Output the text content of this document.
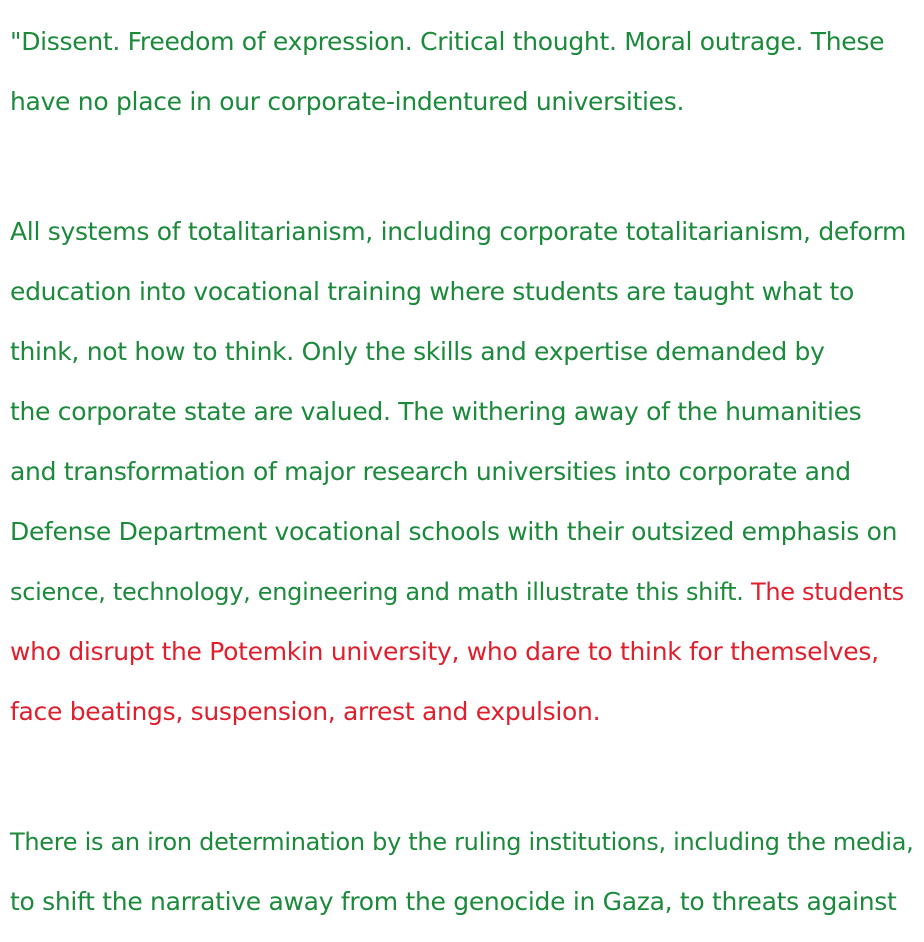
"Dissent. Freedom of expression. Critical thought. Moral outrage. These
have no place in our corporate-indentured universities.
All systems of totalitarianism, including corporate totalitarianism, deform
education into vocational training where students are taught what to
think, not how to think. Only the skills and expertise demanded by
the corporate state are valued. The withering away of the humanities
and transformation of major research universities into corporate and
Defense Department vocational schools with their outsized emphasis on
science, technology, engineering and math illustrate this shift. The students
who disrupt the Potemkin university, who dare to think for themselves,
face beatings, suspension, arrest and expulsion.
There is an iron determination by the ruling institutions, including the media,
to shift the narrative away from the genocide in Gaza, to threats against
